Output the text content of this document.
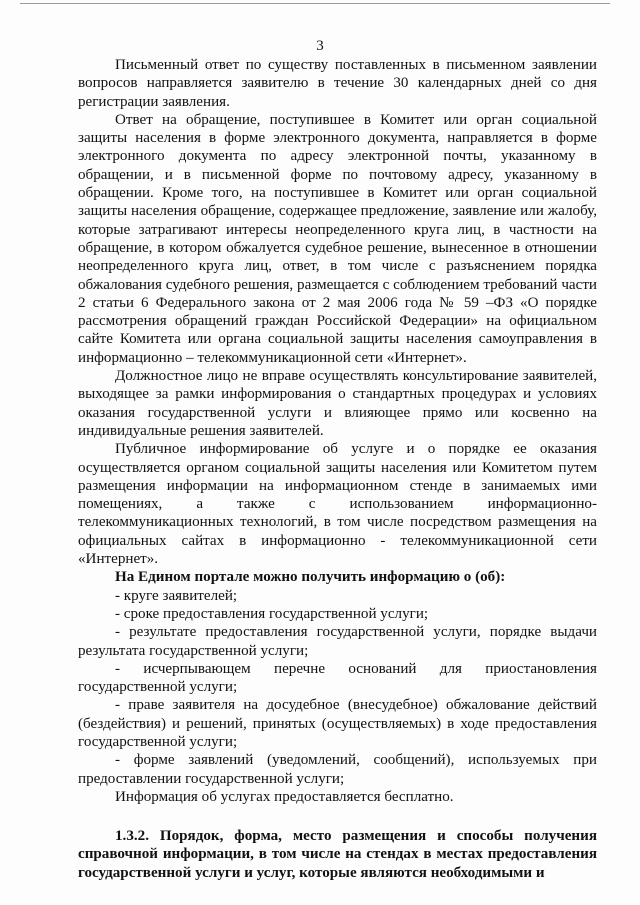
3

Письменный ответ по существу поставленных в письменном заявлении вопросов направляется заявителю в течение 30 календарных дней со дня регистрации заявления.

Ответ на обращение, поступившее в Комитет или орган социальной защиты населения в форме электронного документа, направляется в форме электронного документа по адресу электронной почты, указанному в обращении, и в письменной форме по почтовому адресу, указанному в обращении. Кроме того, на поступившее в Комитет или орган социальной защиты населения обращение, содержащее предложение, заявление или жалобу, которые затрагивают интересы неопределенного круга лиц, в частности на обращение, в котором обжалуется судебное решение, вынесенное в отношении неопределенного круга лиц, ответ, в том числе с разъяснением порядка обжалования судебного решения, размещается с соблюдением требований части 2 статьи 6 Федерального закона от 2 мая 2006 года № 59 –ФЗ «О порядке рассмотрения обращений граждан Российской Федерации» на официальном сайте Комитета или органа социальной защиты населения самоуправления в информационно – телекоммуникационной сети «Интернет».

Должностное лицо не вправе осуществлять консультирование заявителей, выходящее за рамки информирования о стандартных процедурах и условиях оказания государственной услуги и влияющее прямо или косвенно на индивидуальные решения заявителей.

Публичное информирование об услуге и о порядке ее оказания осуществляется органом социальной защиты населения или Комитетом путем размещения информации на информационном стенде в занимаемых ими помещениях, а также с использованием информационно-телекоммуникационных технологий, в том числе посредством размещения на официальных сайтах в информационно - телекоммуникационной сети «Интернет».

На Едином портале можно получить информацию о (об):

- круге заявителей;

- сроке предоставления государственной услуги;

- результате предоставления государственной услуги, порядке выдачи результата государственной услуги;

- исчерпывающем перечне оснований для приостановления государственной услуги;

- праве заявителя на досудебное (внесудебное) обжалование действий (бездействия) и решений, принятых (осуществляемых) в ходе предоставления государственной услуги;

- форме заявлений (уведомлений, сообщений), используемых при предоставлении государственной услуги;

Информация об услугах предоставляется бесплатно.

1.3.2. Порядок, форма, место размещения и способы получения справочной информации, в том числе на стендах в местах предоставления государственной услуги и услуг, которые являются необходимыми и
